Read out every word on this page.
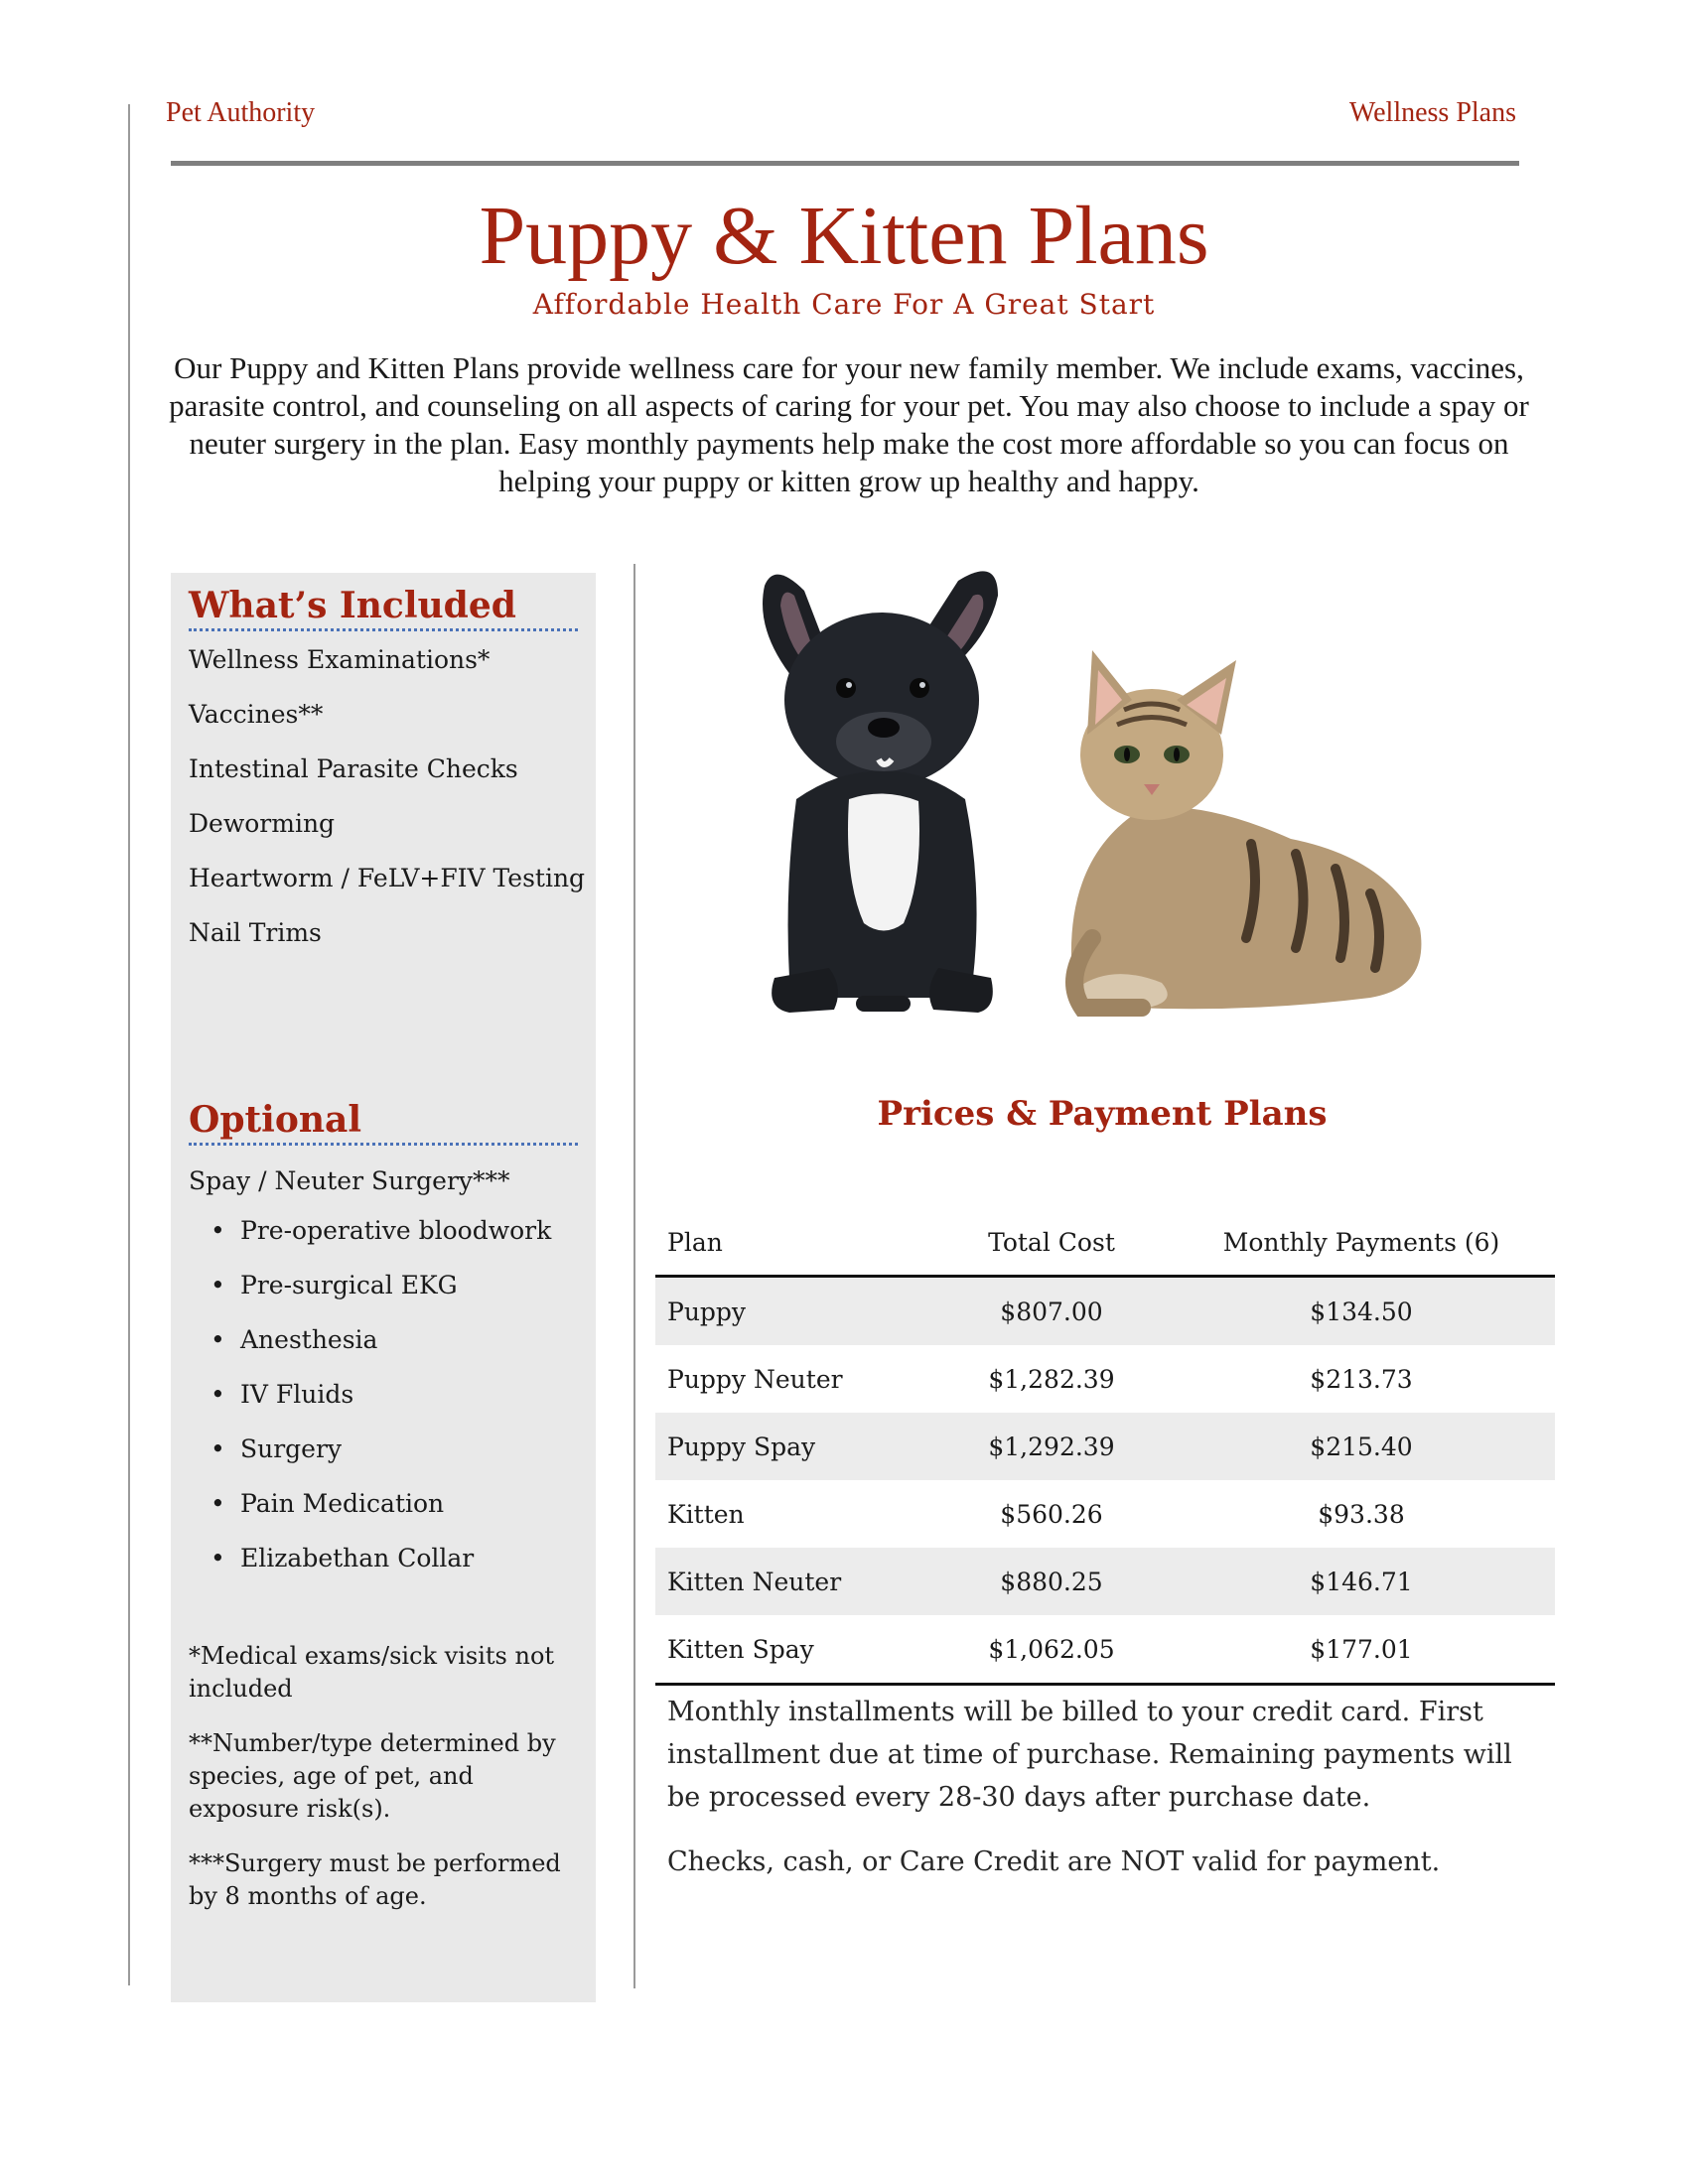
Pet Authority	Wellness Plans
Puppy & Kitten Plans
Affordable Health Care For A Great Start

Our Puppy and Kitten Plans provide wellness care for your new family member. We include exams, vaccines, parasite control, and counseling on all aspects of caring for your pet. You may also choose to include a spay or neuter surgery in the plan. Easy monthly payments help make the cost more affordable so you can focus on helping your puppy or kitten grow up healthy and happy.

What’s Included
Wellness Examinations*
Vaccines**
Intestinal Parasite Checks
Deworming
Heartworm / FeLV+FIV Testing
Nail Trims
Optional

Spay / Neuter Surgery***

• Pre-operative bloodwork
• Pre-surgical EKG
• Anesthesia
• IV Fluids
• Surgery
• Pain Medication
• Elizabethan Collar

*Medical exams/sick visits not included

**Number/type determined by species, age of pet, and exposure risk(s).

***Surgery must be performed by 8 months of age.

Prices & Payment Plans
Plan	Total Cost	Monthly Payments (6)
Puppy	$807.00	$134.50
Puppy Neuter	$1,282.39	$213.73
Puppy Spay	$1,292.39	$215.40
Kitten	$560.26	$93.38
Kitten Neuter	$880.25	$146.71
Kitten Spay	$1,062.05	$177.01

Monthly installments will be billed to your credit card. First installment due at time of purchase. Remaining payments will be processed every 28-30 days after purchase date.

Checks, cash, or Care Credit are NOT valid for payment.
